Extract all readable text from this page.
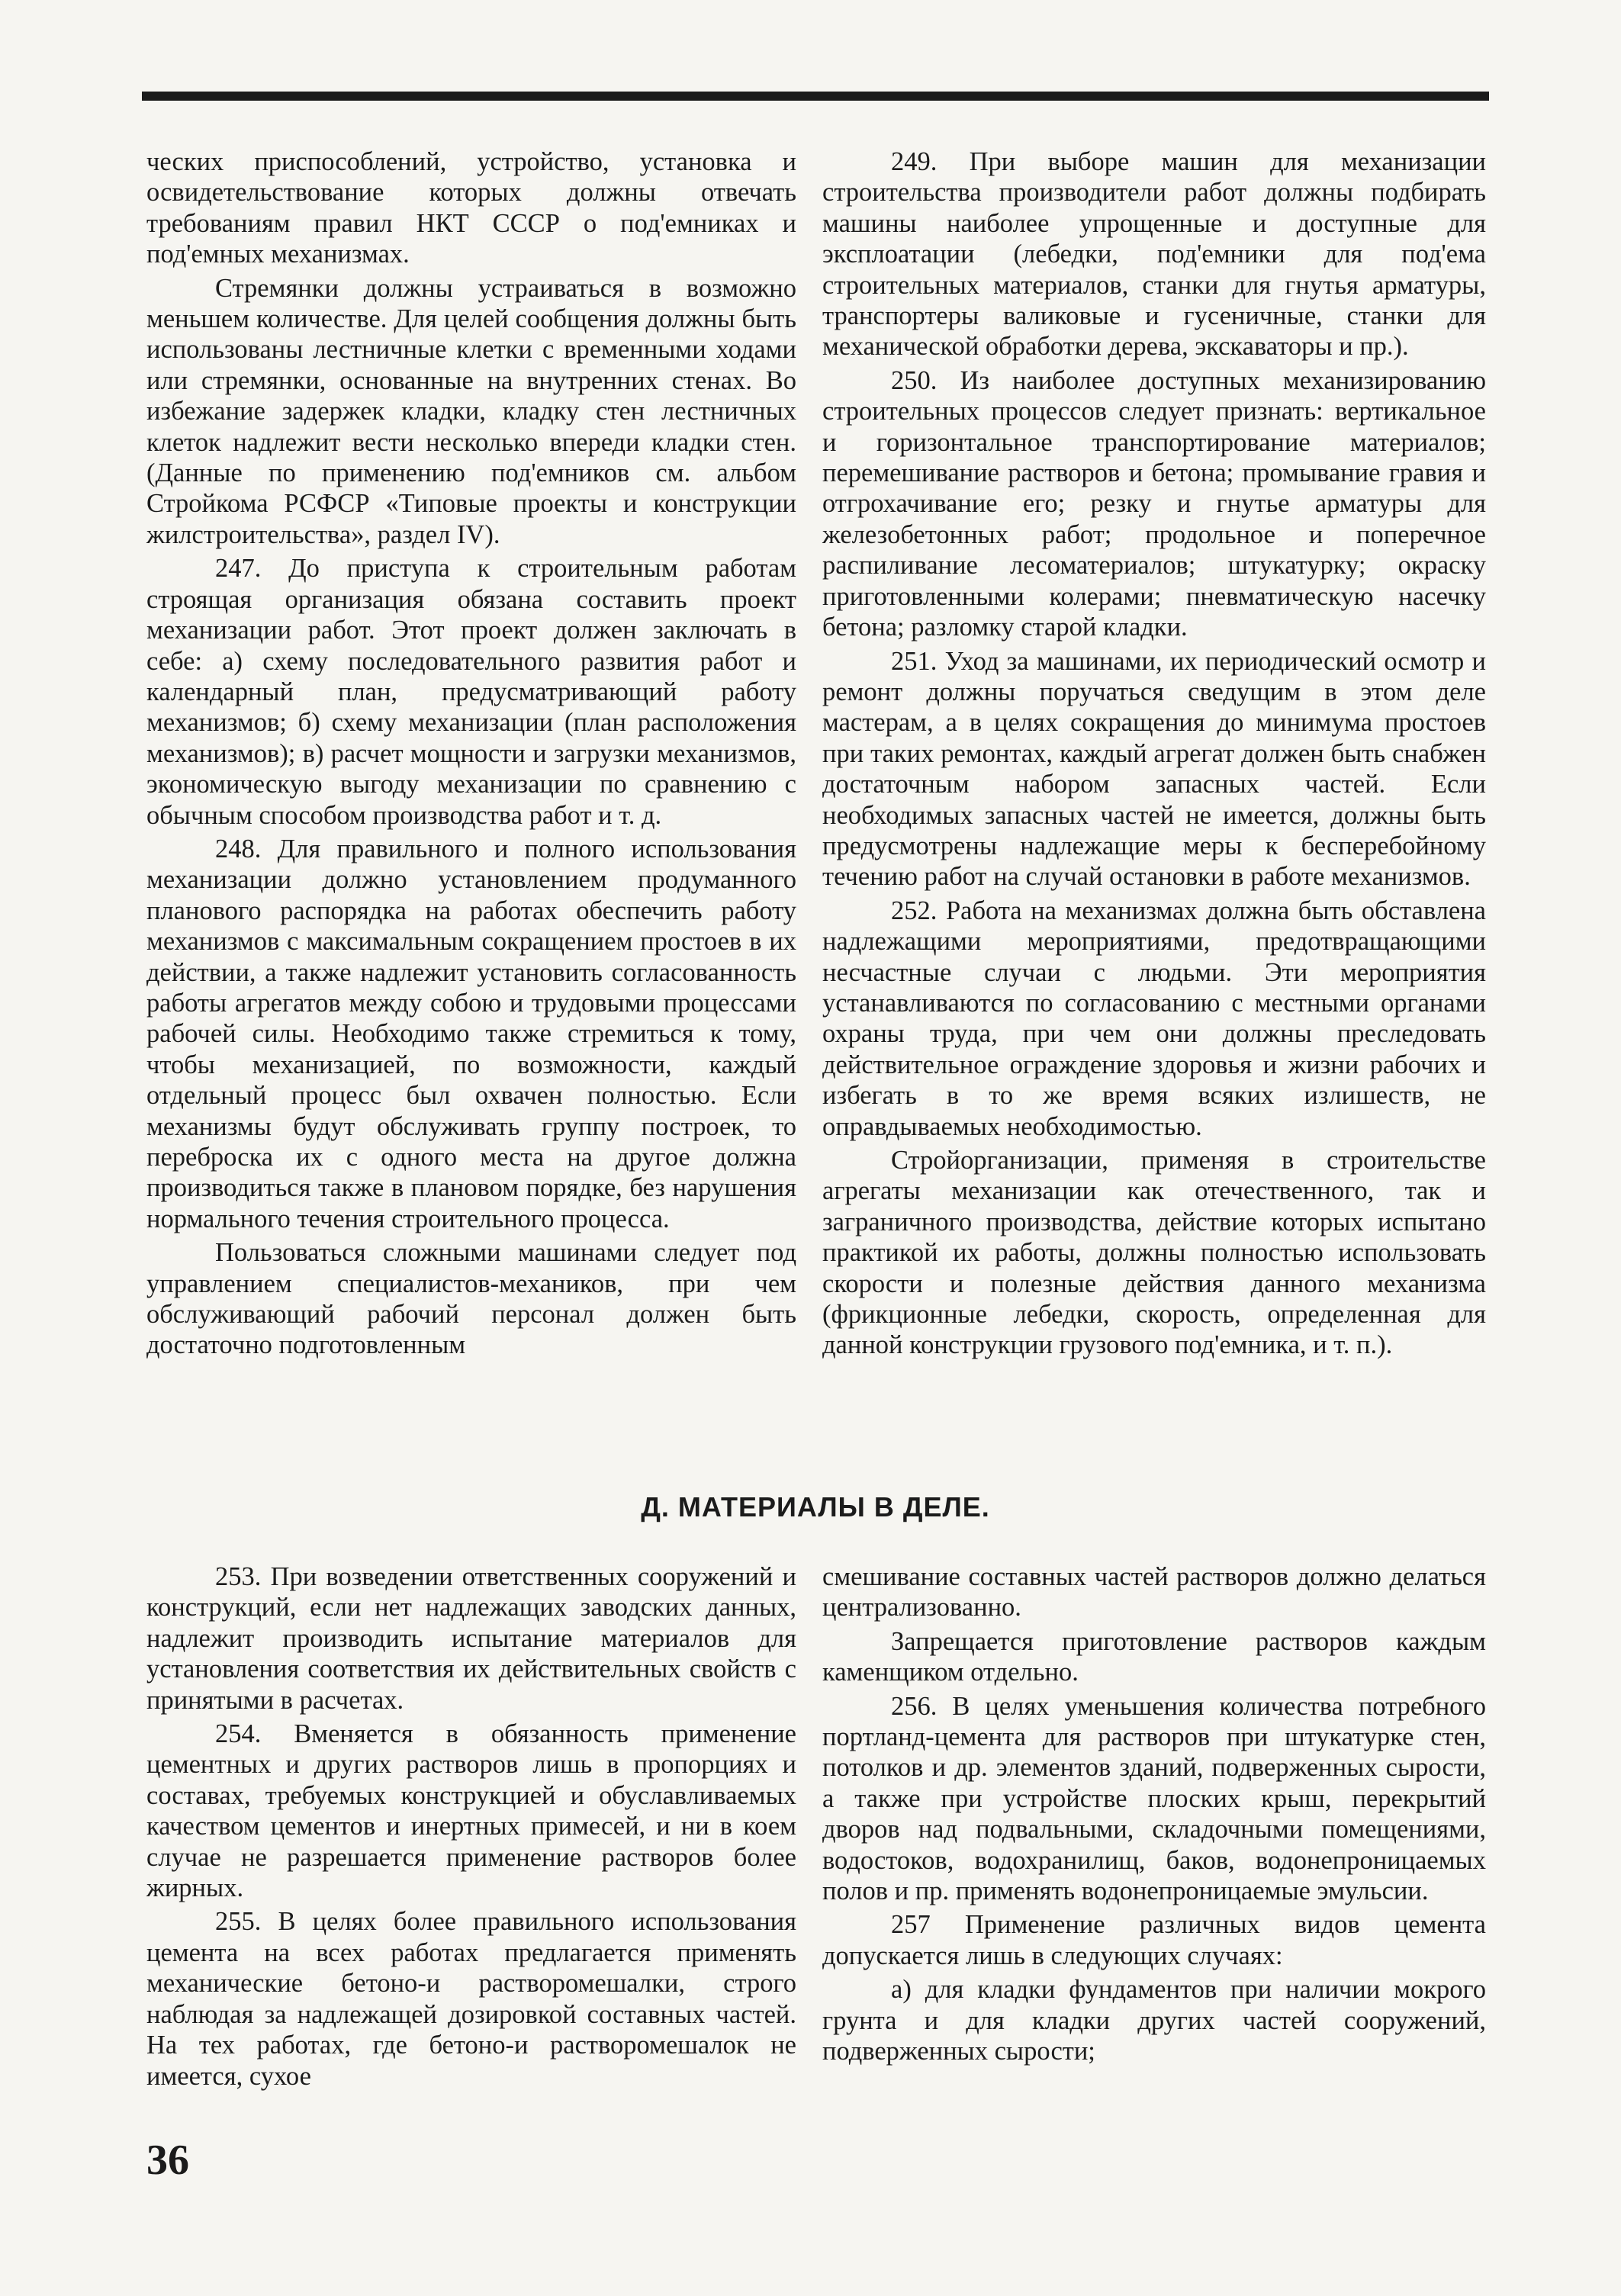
ческих приспособлений, устройство, установка и освидетельствование которых должны отвечать требованиям правил НКТ СССР о под'емниках и под'емных механизмах.

Стремянки должны устраиваться в возможно меньшем количестве. Для целей сообщения должны быть использованы лестничные клетки с временными ходами или стремянки, основанные на внутренних стенах. Во избежание задержек кладки, кладку стен лестничных клеток надлежит вести несколько впереди кладки стен. (Данные по применению под'емников см. альбом Стройкома РСФСР «Типовые проекты и конструкции жилстроительства», раздел IV).

247. До приступа к строительным работам строящая организация обязана составить проект механизации работ. Этот проект должен заключать в себе: а) схему последовательного развития работ и календарный план, предусматривающий работу механизмов; б) схему механизации (план расположения механизмов); в) расчет мощности и загрузки механизмов, экономическую выгоду механизации по сравнению с обычным способом производства работ и т. д.

248. Для правильного и полного использования механизации должно установлением продуманного планового распорядка на работах обеспечить работу механизмов с максимальным сокращением простоев в их действии, а также надлежит установить согласованность работы агрегатов между собою и трудовыми процессами рабочей силы. Необходимо также стремиться к тому, чтобы механизацией, по возможности, каждый отдельный процесс был охвачен полностью. Если механизмы будут обслуживать группу построек, то переброска их с одного места на другое должна производиться также в плановом порядке, без нарушения нормального течения строительного процесса.

Пользоваться сложными машинами следует под управлением специалистов-механиков, при чем обслуживающий рабочий персонал должен быть достаточно подготовленным

249. При выборе машин для механизации строительства производители работ должны подбирать машины наиболее упрощенные и доступные для эксплоатации (лебедки, под'емники для под'ема строительных материалов, станки для гнутья арматуры, транспортеры валиковые и гусеничные, станки для механической обработки дерева, экскаваторы и пр.).

250. Из наиболее доступных механизированию строительных процессов следует признать: вертикальное и горизонтальное транспортирование материалов; перемешивание растворов и бетона; промывание гравия и отгрохачивание его; резку и гнутье арматуры для железобетонных работ; продольное и поперечное распиливание лесоматериалов; штукатурку; окраску приготовленными колерами; пневматическую насечку бетона; разломку старой кладки.

251. Уход за машинами, их периодический осмотр и ремонт должны поручаться сведущим в этом деле мастерам, а в целях сокращения до минимума простоев при таких ремонтах, каждый агрегат должен быть снабжен достаточным набором запасных частей. Если необходимых запасных частей не имеется, должны быть предусмотрены надлежащие меры к бесперебойному течению работ на случай остановки в работе механизмов.

252. Работа на механизмах должна быть обставлена надлежащими мероприятиями, предотвращающими несчастные случаи с людьми. Эти мероприятия устанавливаются по согласованию с местными органами охраны труда, при чем они должны преследовать действительное ограждение здоровья и жизни рабочих и избегать в то же время всяких излишеств, не оправдываемых необходимостью.

Стройорганизации, применяя в строительстве агрегаты механизации как отечественного, так и заграничного производства, действие которых испытано практикой их работы, должны полностью использовать скорости и полезные действия данного механизма (фрикционные лебедки, скорость, определенная для данной конструкции грузового под'емника, и т. п.).

Д. МАТЕРИАЛЫ В ДЕЛЕ.

253. При возведении ответственных сооружений и конструкций, если нет надлежащих заводских данных, надлежит производить испытание материалов для установления соответствия их действительных свойств с принятыми в расчетах.

254. Вменяется в обязанность применение цементных и других растворов лишь в пропорциях и составах, требуемых конструкцией и обуславливаемых качеством цементов и инертных примесей, и ни в коем случае не разрешается применение растворов более жирных.

255. В целях более правильного использования цемента на всех работах предлагается применять механические бетоно-и растворомешалки, строго наблюдая за надлежащей дозировкой составных частей. На тех работах, где бетоно-и растворомешалок не имеется, сухое

смешивание составных частей растворов должно делаться централизованно.

Запрещается приготовление растворов каждым каменщиком отдельно.

256. В целях уменьшения количества потребного портланд-цемента для растворов при штукатурке стен, потолков и др. элементов зданий, подверженных сырости, а также при устройстве плоских крыш, перекрытий дворов над подвальными, складочными помещениями, водостоков, водохранилищ, баков, водонепроницаемых полов и пр. применять водонепроницаемые эмульсии.

257 Применение различных видов цемента допускается лишь в следующих случаях:

а) для кладки фундаментов при наличии мокрого грунта и для кладки других частей сооружений, подверженных сырости;

36
